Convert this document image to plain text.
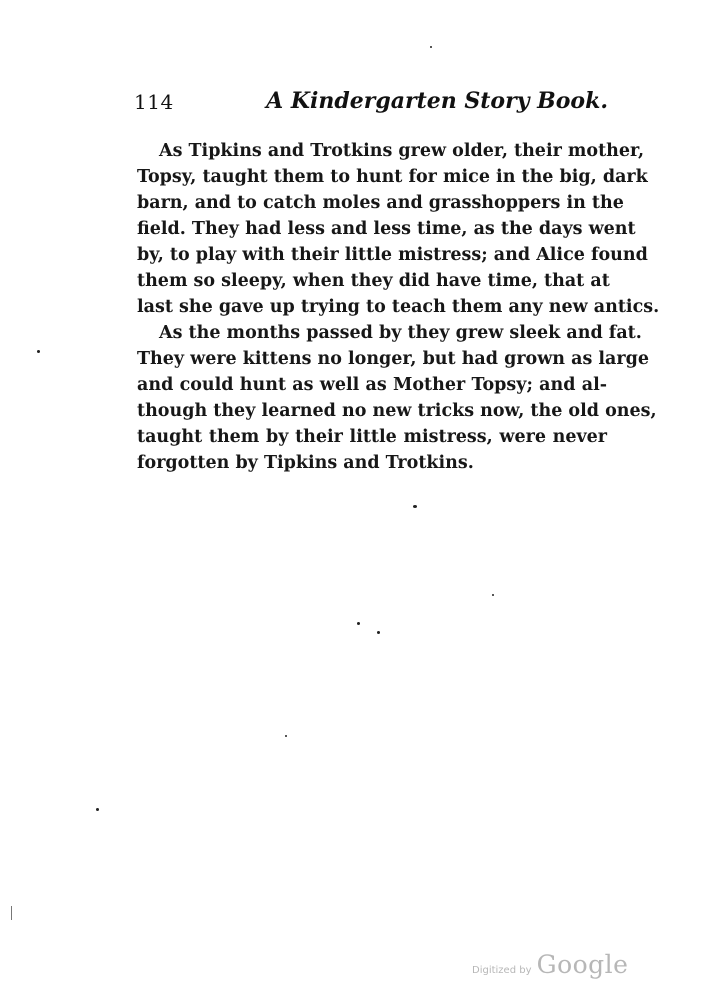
114	A Kindergarten Story Book.
As Tipkins and Trotkins grew older, their mother,
Topsy, taught them to hunt for mice in the big, dark
barn, and to catch moles and grasshoppers in the
field. They had less and less time, as the days went
by, to play with their little mistress; and Alice found
them so sleepy, when they did have time, that at
last she gave up trying to teach them any new antics.
As the months passed by they grew sleek and fat.
They were kittens no longer, but had grown as large
and could hunt as well as Mother Topsy; and al-
though they learned no new tricks now, the old ones,
taught them by their little mistress, were never
forgotten by Tipkins and Trotkins.
Digitized by Google
